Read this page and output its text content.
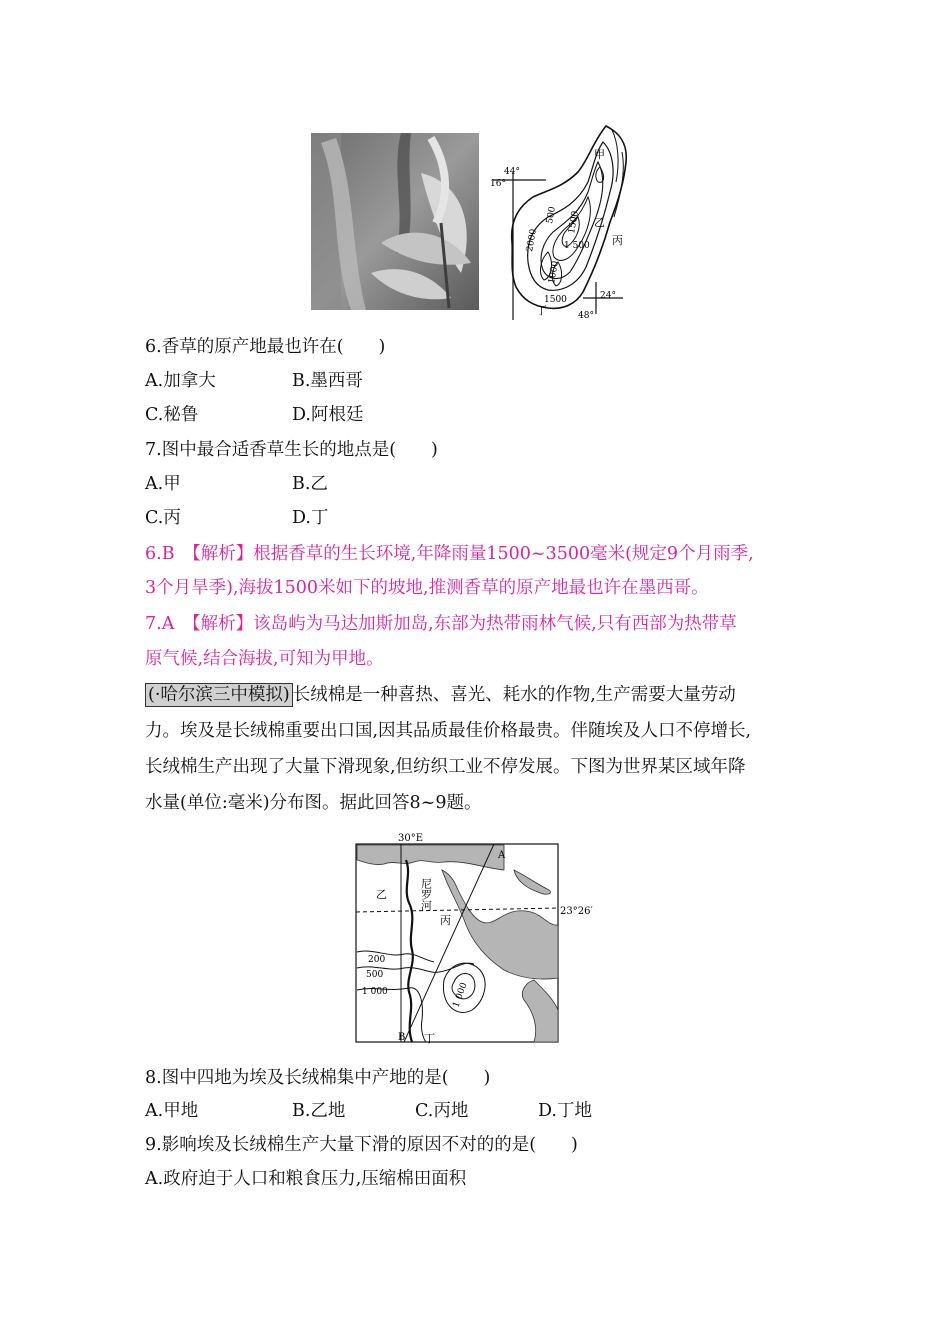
甲
乙
丙
丁
16°
44°
24°
48°
500 1500
1 500
2000
1000
1500
6.香草的原产地最也许在(　　)
A.加拿大	B.墨西哥
C.秘鲁	D.阿根廷
7.图中最合适香草生长的地点是(　　)
A.甲	B.乙
C.丙	D.丁
6.B　【解析】根据香草的生长环境,年降雨量1500~3500毫米(规定9个月雨季,
3个月旱季),海拔1500米如下的坡地,推测香草的原产地最也许在墨西哥。
7.A　【解析】该岛屿为马达加斯加岛,东部为热带雨林气候,只有西部为热带草
原气候,结合海拔,可知为甲地。
(·哈尔滨三中模拟) 长绒棉是一种喜热、喜光、耗水的作物,生产需要大量劳动
力。埃及是长绒棉重要出口国,因其品质最佳价格最贵。伴随埃及人口不停增长,
长绒棉生产出现了大量下滑现象,但纺织工业不停发展。下图为世界某区域年降
水量(单位:毫米)分布图。据此回答8~9题。
30°E
A
B
23°26′
乙
丙
丁
尼罗河
200
500
1 000	1 000
8.图中四地为埃及长绒棉集中产地的是(　　)
A.甲地	B.乙地	C.丙地	D.丁地
9.影响埃及长绒棉生产大量下滑的原因不对的的是(　　)
A.政府迫于人口和粮食压力,压缩棉田面积
